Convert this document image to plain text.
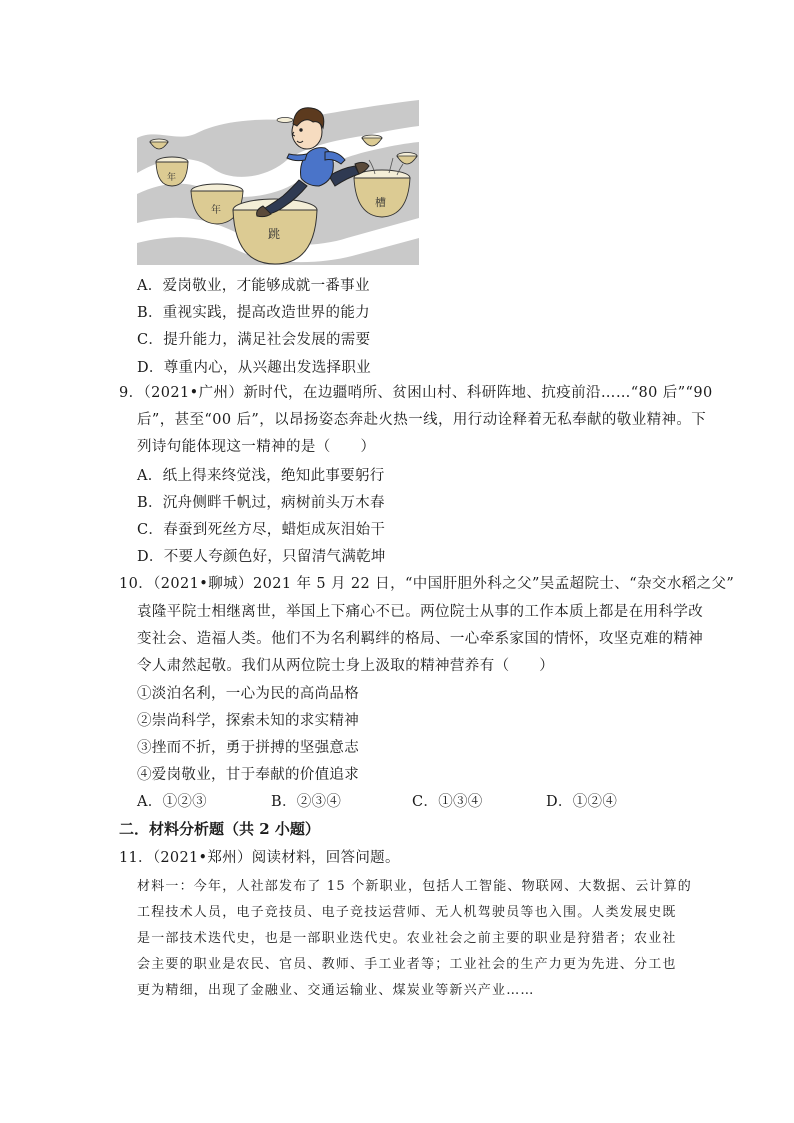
年
年
槽
跳
A．爱岗敬业，才能够成就一番事业
B．重视实践，提高改造世界的能力
C．提升能力，满足社会发展的需要
D．尊重内心，从兴趣出发选择职业
9．（2021•广州）新时代，在边疆哨所、贫困山村、科研阵地、抗疫前沿……“80 后”“90
后”，甚至“00 后”，以昂扬姿态奔赴火热一线，用行动诠释着无私奉献的敬业精神。下
列诗句能体现这一精神的是（　　）
A．纸上得来终觉浅，绝知此事要躬行
B．沉舟侧畔千帆过，病树前头万木春
C．春蚕到死丝方尽，蜡炬成灰泪始干
D．不要人夸颜色好，只留清气满乾坤
10．（2021•聊城）2021 年 5 月 22 日，“中国肝胆外科之父”吴孟超院士、“杂交水稻之父”
袁隆平院士相继离世，举国上下痛心不已。两位院士从事的工作本质上都是在用科学改
变社会、造福人类。他们不为名利羁绊的格局、一心牵系家国的情怀，攻坚克难的精神
令人肃然起敬。我们从两位院士身上汲取的精神营养有（　　）
①淡泊名利，一心为民的高尚品格
②崇尚科学，探索未知的求实精神
③挫而不折，勇于拼搏的坚强意志
④爱岗敬业，甘于奉献的价值追求
A．①②③	B．②③④	C．①③④	D．①②④
二．材料分析题（共 2 小题）
11．（2021•郑州）阅读材料，回答问题。
材料一：今年，人社部发布了 15 个新职业，包括人工智能、物联网、大数据、云计算的
工程技术人员，电子竞技员、电子竞技运营师、无人机驾驶员等也入围。人类发展史既
是一部技术迭代史，也是一部职业迭代史。农业社会之前主要的职业是狩猎者；农业社
会主要的职业是农民、官员、教师、手工业者等；工业社会的生产力更为先进、分工也
更为精细，出现了金融业、交通运输业、煤炭业等新兴产业……
